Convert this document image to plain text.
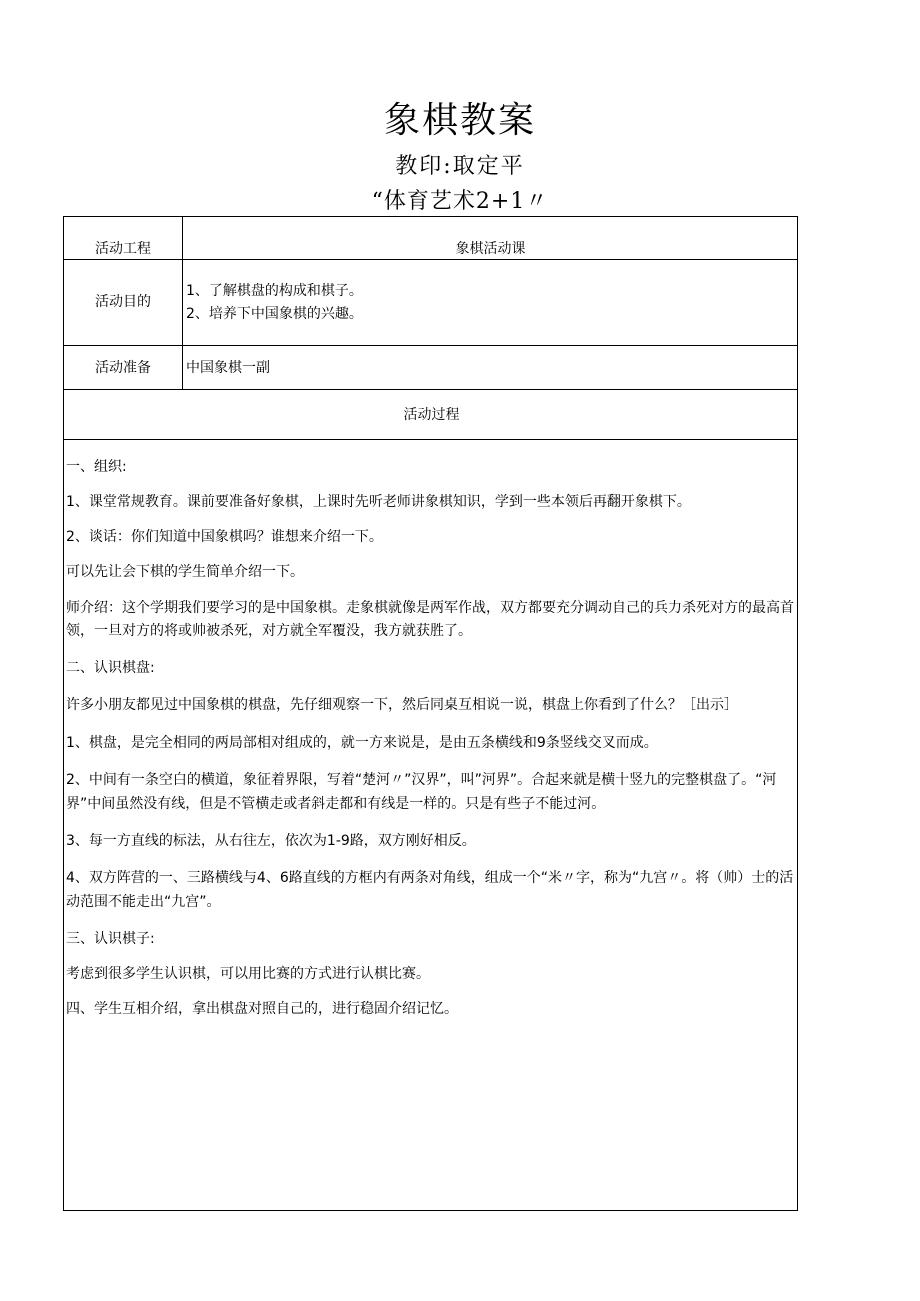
象棋教案
教印:取定平
“体育艺术2+1〃
活动工程	象棋活动课
活动目的
1、了解棋盘的构成和棋子。
2、培养下中国象棋的兴趣。
活动准备	中国象棋一副
活动过程

一、组织:

1、课堂常规教育。课前要准备好象棋，上课时先听老师讲象棋知识，学到一些本领后再翻开象棋下。

2、谈话：你们知道中国象棋吗？谁想来介绍一下。

可以先让会下棋的学生简单介绍一下。

师介绍：这个学期我们要学习的是中国象棋。走象棋就像是两军作战，双方都要充分调动自己的兵力杀死对方的最高首领，一旦对方的将或帅被杀死，对方就全军覆没，我方就获胜了。

二、认识棋盘:

许多小朋友都见过中国象棋的棋盘，先仔细观察一下，然后同桌互相说一说，棋盘上你看到了什么？［出示］

1、棋盘，是完全相同的两局部相对组成的，就一方来说是，是由五条横线和9条竖线交叉而成。

2、中间有一条空白的横道，象征着界限，写着“楚河〃”汉界”，叫”河界”。合起来就是横十竖九的完整棋盘了。“河界”中间虽然没有线，但是不管横走或者斜走都和有线是一样的。只是有些子不能过河。

3、每一方直线的标法，从右往左，依次为1-9路，双方刚好相反。

4、双方阵营的一、三路横线与4、6路直线的方框内有两条对角线，组成一个“米〃字，称为“九宫〃。将（帅）士的活动范围不能走出“九宫”。

三、认识棋子:

考虑到很多学生认识棋，可以用比赛的方式进行认棋比赛。

四、学生互相介绍，拿出棋盘对照自己的，进行稳固介绍记忆。
